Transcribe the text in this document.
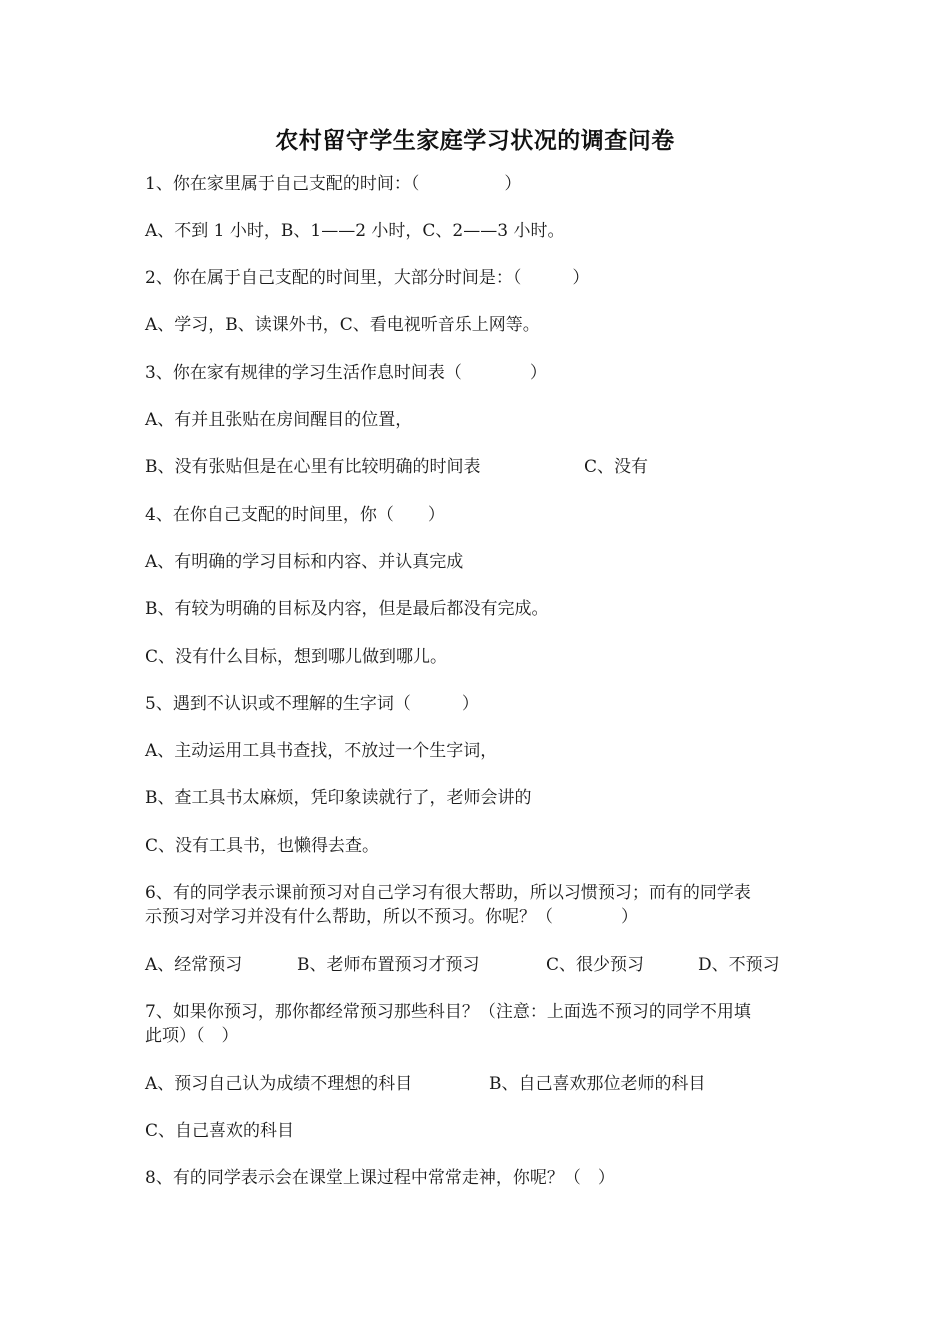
农村留守学生家庭学习状况的调查问卷
1、你在家里属于自己支配的时间：（　　　　　）
A、不到 1 小时，B、1——2 小时，C、2——3 小时。
2、你在属于自己支配的时间里，大部分时间是：（　　　）
A、学习，B、读课外书，C、看电视听音乐上网等。
3、你在家有规律的学习生活作息时间表（　　　　）
A、有并且张贴在房间醒目的位置，
B、没有张贴但是在心里有比较明确的时间表	C、没有
4、在你自己支配的时间里，你（　　）
A、有明确的学习目标和内容、并认真完成
B、有较为明确的目标及内容，但是最后都没有完成。
C、没有什么目标，想到哪儿做到哪儿。
5、遇到不认识或不理解的生字词（　　　）
A、主动运用工具书查找，不放过一个生字词，
B、查工具书太麻烦，凭印象读就行了，老师会讲的
C、没有工具书，也懒得去查。
6、有的同学表示课前预习对自己学习有很大帮助，所以习惯预习；而有的同学表
示预习对学习并没有什么帮助，所以不预习。你呢？（　　　　）
A、经常预习	B、老师布置预习才预习	C、很少预习	D、不预习
7、如果你预习，那你都经常预习那些科目？（注意：上面选不预习的同学不用填
此项）（　）
A、预习自己认为成绩不理想的科目	B、自己喜欢那位老师的科目
C、自己喜欢的科目
8、有的同学表示会在课堂上课过程中常常走神，你呢？（　）
